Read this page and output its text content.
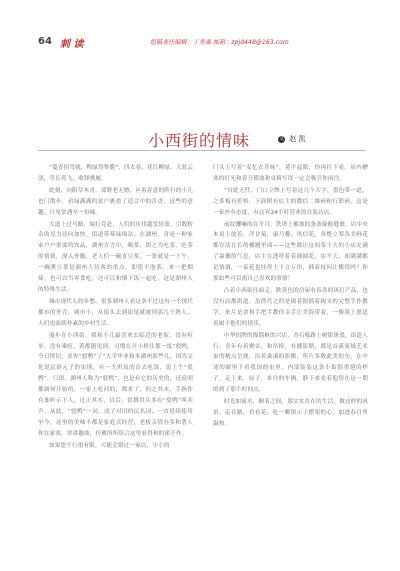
64 刺 读	组稿责任编辑：丁秀惠 邮箱：zpjd448@163.com
小西街的情味	文 赵 凯

“蔓青拐弯就，鸭绿得鲁脆”，四太春，花红柳绿，天蓝云淡，草长莺飞，收锋携履。

此刻，向阳草木青，郊野老无憾，应着春意的阵行的小儿也门散步，看绿满满的盆户裹盈了适合中的苦香，这些的意趣，只见常遇至一份味。

大道上过马路，端行竞赴，人们的步伐越发轻盈，引数粉杂的见力诗向加快。街道带幂绿绵杂，在湖州，青是一种家家户户重要的饮品，湖州方言中，喝茶，即之为吃茶，吃茶的情致，深入骨髓，老人们一碗青豆茶，一条就是一下午，一碗熏豆茶是湖州人待客的重点，即使不泡茶，来一把烟茹，也可以当零食吃，还可以和烟下饭一起吃，这是湖州人的特殊生活。

城市现代人的乡愁，很多湖州人看这条不过这有一个现代都市的外壳，城市小，从街头去到街尾就被到那几个熟人，人们也面到朴素的乡村生活。

漫步在小西街，我和小儿最喜欢去临近的老街，没有喧单，没有乘喧，黄都随见到，习惯在开小桥往那一度“驳鸭，今日得识，求你”驳鸭”了“大学毕业和本湖州那些几，因为文化是民俗元子的实现，有一大班及的首去吃饭，说上个“驳鸭”，只即，湖州人称为“驳鸭”，也是有它的历史的，还说明都属何开始的，一家上吃河的，都来了，但之其末，手指作有谁听示下人，过正其买，以后，馆撰洪头多有“驳鸭”叫卖声，从此，“驳鸭”一词，成了对旧的民名词，一直延续使用至今，这里的美味不都是家庭式经营，老板亲情办多和著人你在家客，讲讲趣曲，仿佛所所组合这里看得和的深不作。

如果您不行很有限，可能会错过一家店，小小的

门头上写着“麦忆衣芥咏”，莫不起眼，你再往下看，店内槽寒的灯光和着开稽放和桌椅写得一定会吸引你前往。

“自此无忏，门口立牌上写着这几个大字，墨色带一道，之茶板有价格，下面附有店主的微信二维码和行联码，这是一家丝有态度，有店弃24小时营业的自监店店。

前纹馕嘛的在平月，铁塔上罹彼的条条缘般缝裹，店中央木桌上放着，洋甘菊，康乃馨，风信花，各整立筹各美鲜花都存活在长的桶翘里面——这些都让这间茶千大的小店充满了温馨的气息，店主在透呼着着插圆花，店不大，却满满都是情调，一束花也挂得上千言万语，插着枝问让播得吗？你那如些可以捐自己喜欢的事情！

凸着小西街往面走，跌黄色的房屋有春各的风灯产品，也没有店都街道，虽然代之的是揭着据摇着揭支的完整手作教学，来片是余和手把手教你亲手让美海带着，一像筑土愿适着属于他们的情乐。

中华招牌的馒馏枢的兴店，青石板路上树影斑驳，街道人行，青年有着聚首，和吊桥，有播影期，都是首溪流域艺术家的精点呈现，沿着桑溪的影搬，所片多数此类的东，在中途的窗里下看我国的市里，内部装装这条小街很重建的样子，走上来，原子，来往的车辆，静下来看着他情在这一期的到了那个时间点。

时光如流水，顺着之间，那实实在在的生活，做这样的风景，走在路，看看花，吃一颗镇示子摆架的心，加进春日里温热。
